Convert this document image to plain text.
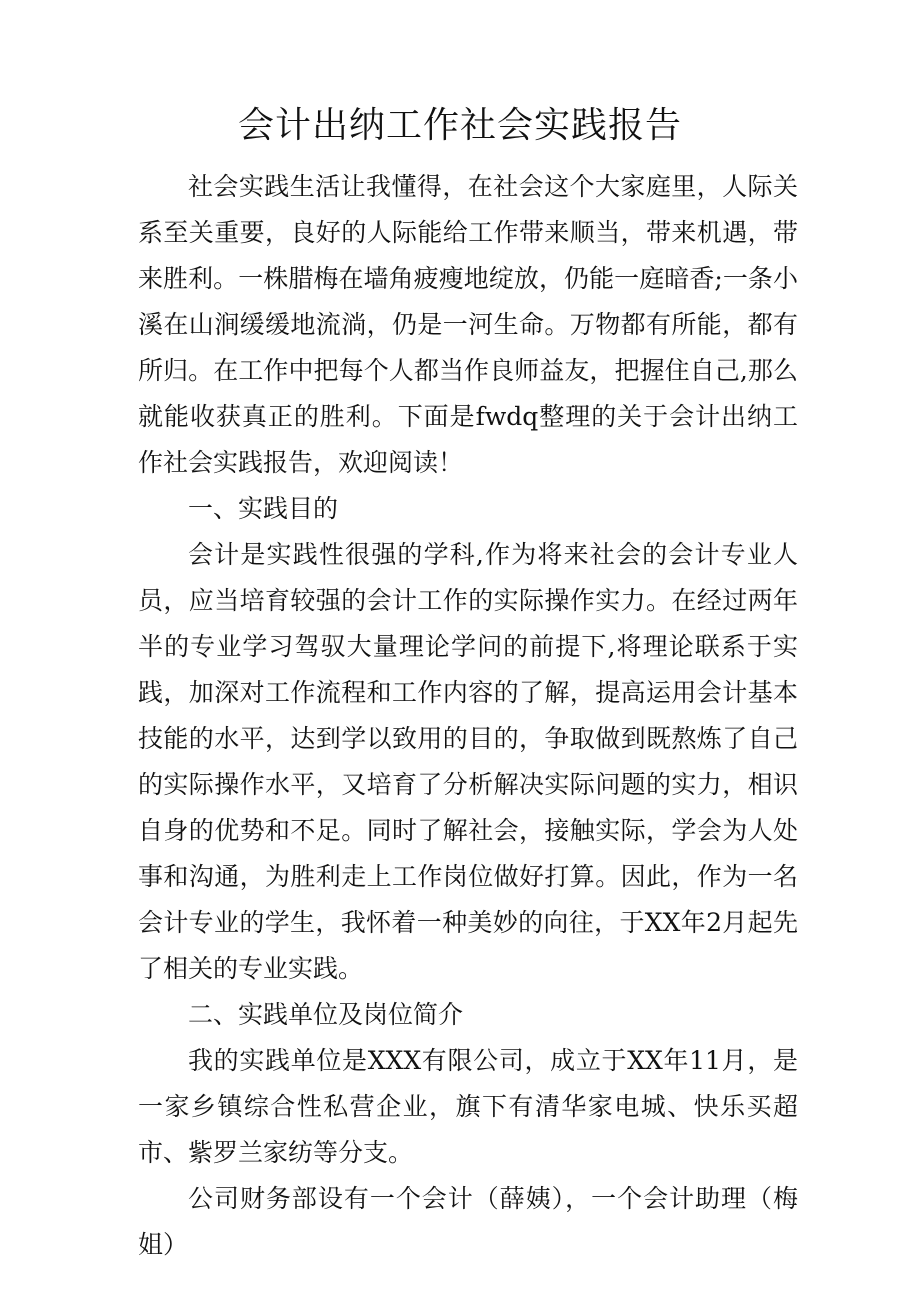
会计出纳工作社会实践报告

社会实践生活让我懂得，在社会这个大家庭里，人际关系至关重要，良好的人际能给工作带来顺当，带来机遇，带来胜利。一株腊梅在墙角疲瘦地绽放，仍能一庭暗香;一条小溪在山涧缓缓地流淌，仍是一河生命。万物都有所能，都有所归。在工作中把每个人都当作良师益友，把握住自己,那么就能收获真正的胜利。下面是fwdq整理的关于会计出纳工作社会实践报告，欢迎阅读！

一、实践目的

会计是实践性很强的学科,作为将来社会的会计专业人员，应当培育较强的会计工作的实际操作实力。在经过两年半的专业学习驾驭大量理论学问的前提下,将理论联系于实践，加深对工作流程和工作内容的了解，提高运用会计基本技能的水平，达到学以致用的目的，争取做到既熬炼了自己的实际操作水平，又培育了分析解决实际问题的实力，相识自身的优势和不足。同时了解社会，接触实际，学会为人处事和沟通，为胜利走上工作岗位做好打算。因此，作为一名会计专业的学生，我怀着一种美妙的向往，于XX年2月起先了相关的专业实践。

二、实践单位及岗位简介

我的实践单位是XXX有限公司，成立于XX年11月，是一家乡镇综合性私营企业，旗下有清华家电城、快乐买超市、紫罗兰家纺等分支。

公司财务部设有一个会计（薛姨），一个会计助理（梅姐）
